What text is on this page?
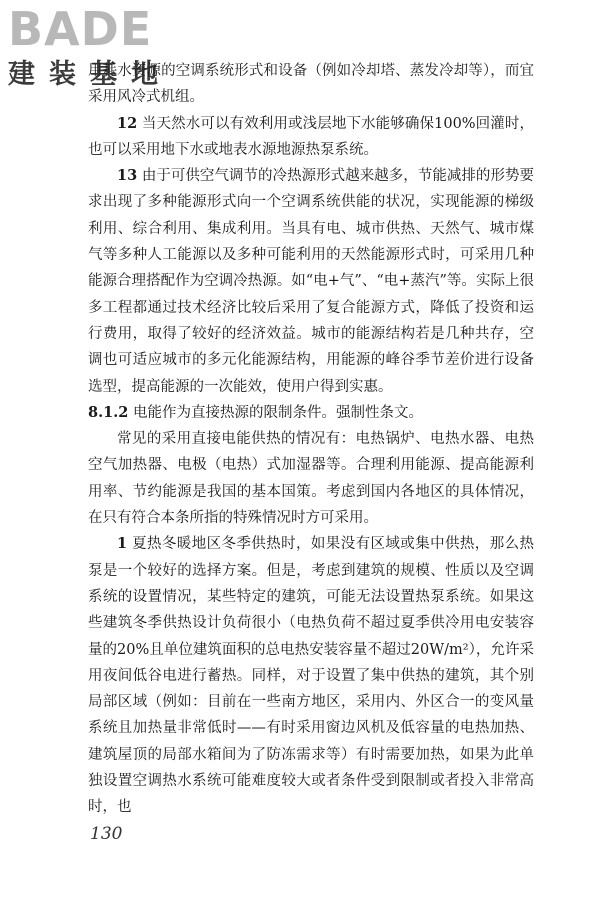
BADE
建装基地

用耗水资源的空调系统形式和设备（例如冷却塔、蒸发冷却等），而宜采用风冷式机组。

12 当天然水可以有效利用或浅层地下水能够确保100%回灌时，也可以采用地下水或地表水源地源热泵系统。

13 由于可供空气调节的冷热源形式越来越多，节能减排的形势要求出现了多种能源形式向一个空调系统供能的状况，实现能源的梯级利用、综合利用、集成利用。当具有电、城市供热、天然气、城市煤气等多种人工能源以及多种可能利用的天然能源形式时，可采用几种能源合理搭配作为空调冷热源。如“电+气”、“电+蒸汽”等。实际上很多工程都通过技术经济比较后采用了复合能源方式，降低了投资和运行费用，取得了较好的经济效益。城市的能源结构若是几种共存，空调也可适应城市的多元化能源结构，用能源的峰谷季节差价进行设备选型，提高能源的一次能效，使用户得到实惠。

8.1.2 电能作为直接热源的限制条件。强制性条文。

常见的采用直接电能供热的情况有：电热锅炉、电热水器、电热空气加热器、电极（电热）式加湿器等。合理利用能源、提高能源利用率、节约能源是我国的基本国策。考虑到国内各地区的具体情况，在只有符合本条所指的特殊情况时方可采用。

1 夏热冬暖地区冬季供热时，如果没有区域或集中供热，那么热泵是一个较好的选择方案。但是，考虑到建筑的规模、性质以及空调系统的设置情况，某些特定的建筑，可能无法设置热泵系统。如果这些建筑冬季供热设计负荷很小（电热负荷不超过夏季供冷用电安装容量的20%且单位建筑面积的总电热安装容量不超过20W/m²），允许采用夜间低谷电进行蓄热。同样，对于设置了集中供热的建筑，其个别局部区域（例如：目前在一些南方地区，采用内、外区合一的变风量系统且加热量非常低时——有时采用窗边风机及低容量的电热加热、建筑屋顶的局部水箱间为了防冻需求等）有时需要加热，如果为此单独设置空调热水系统可能难度较大或者条件受到限制或者投入非常高时，也

130
